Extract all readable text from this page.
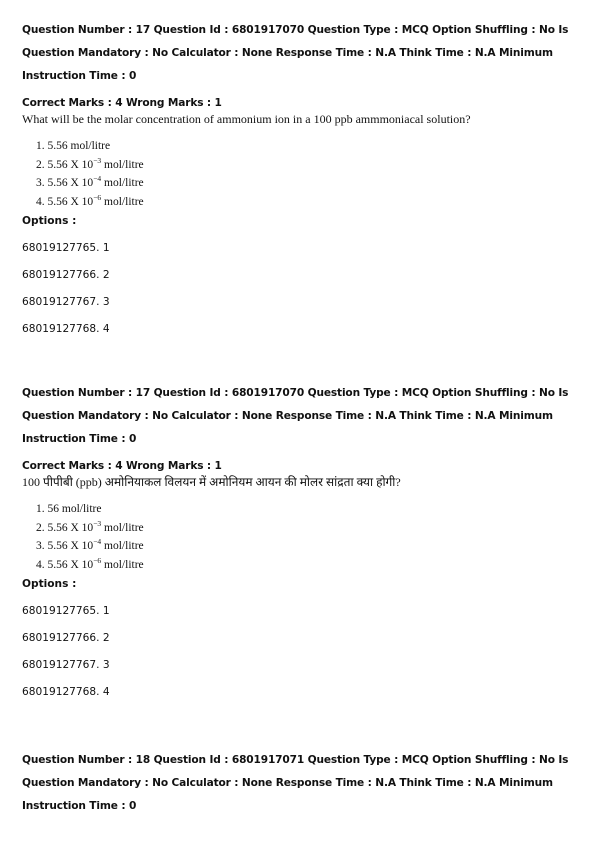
Question Number : 17 Question Id : 6801917070 Question Type : MCQ Option Shuffling : No Is
Question Mandatory : No Calculator : None Response Time : N.A Think Time : N.A Minimum
Instruction Time : 0
Correct Marks : 4 Wrong Marks : 1
What will be the molar concentration of ammonium ion in a 100 ppb ammmoniacal solution?
1. 5.56 mol/litre
2. 5.56 X $10^{-3}$ mol/litre
3. 5.56 X $10^{-4}$ mol/litre
4. 5.56 X $10^{-6}$ mol/litre
Options :
68019127765. 1
68019127766. 2
68019127767. 3
68019127768. 4
Question Number : 17 Question Id : 6801917070 Question Type : MCQ Option Shuffling : No Is
Question Mandatory : No Calculator : None Response Time : N.A Think Time : N.A Minimum
Instruction Time : 0
Correct Marks : 4 Wrong Marks : 1
100 पीपीबी (ppb) अमोनियाकल विलयन में अमोनियम आयन की मोलर सांद्रता क्या होगी?
1. 56 mol/litre
2. 5.56 X $10^{-3}$ mol/litre
3. 5.56 X $10^{-4}$ mol/litre
4. 5.56 X $10^{-6}$ mol/litre
Options :
68019127765. 1
68019127766. 2
68019127767. 3
68019127768. 4
Question Number : 18 Question Id : 6801917071 Question Type : MCQ Option Shuffling : No Is
Question Mandatory : No Calculator : None Response Time : N.A Think Time : N.A Minimum
Instruction Time : 0
